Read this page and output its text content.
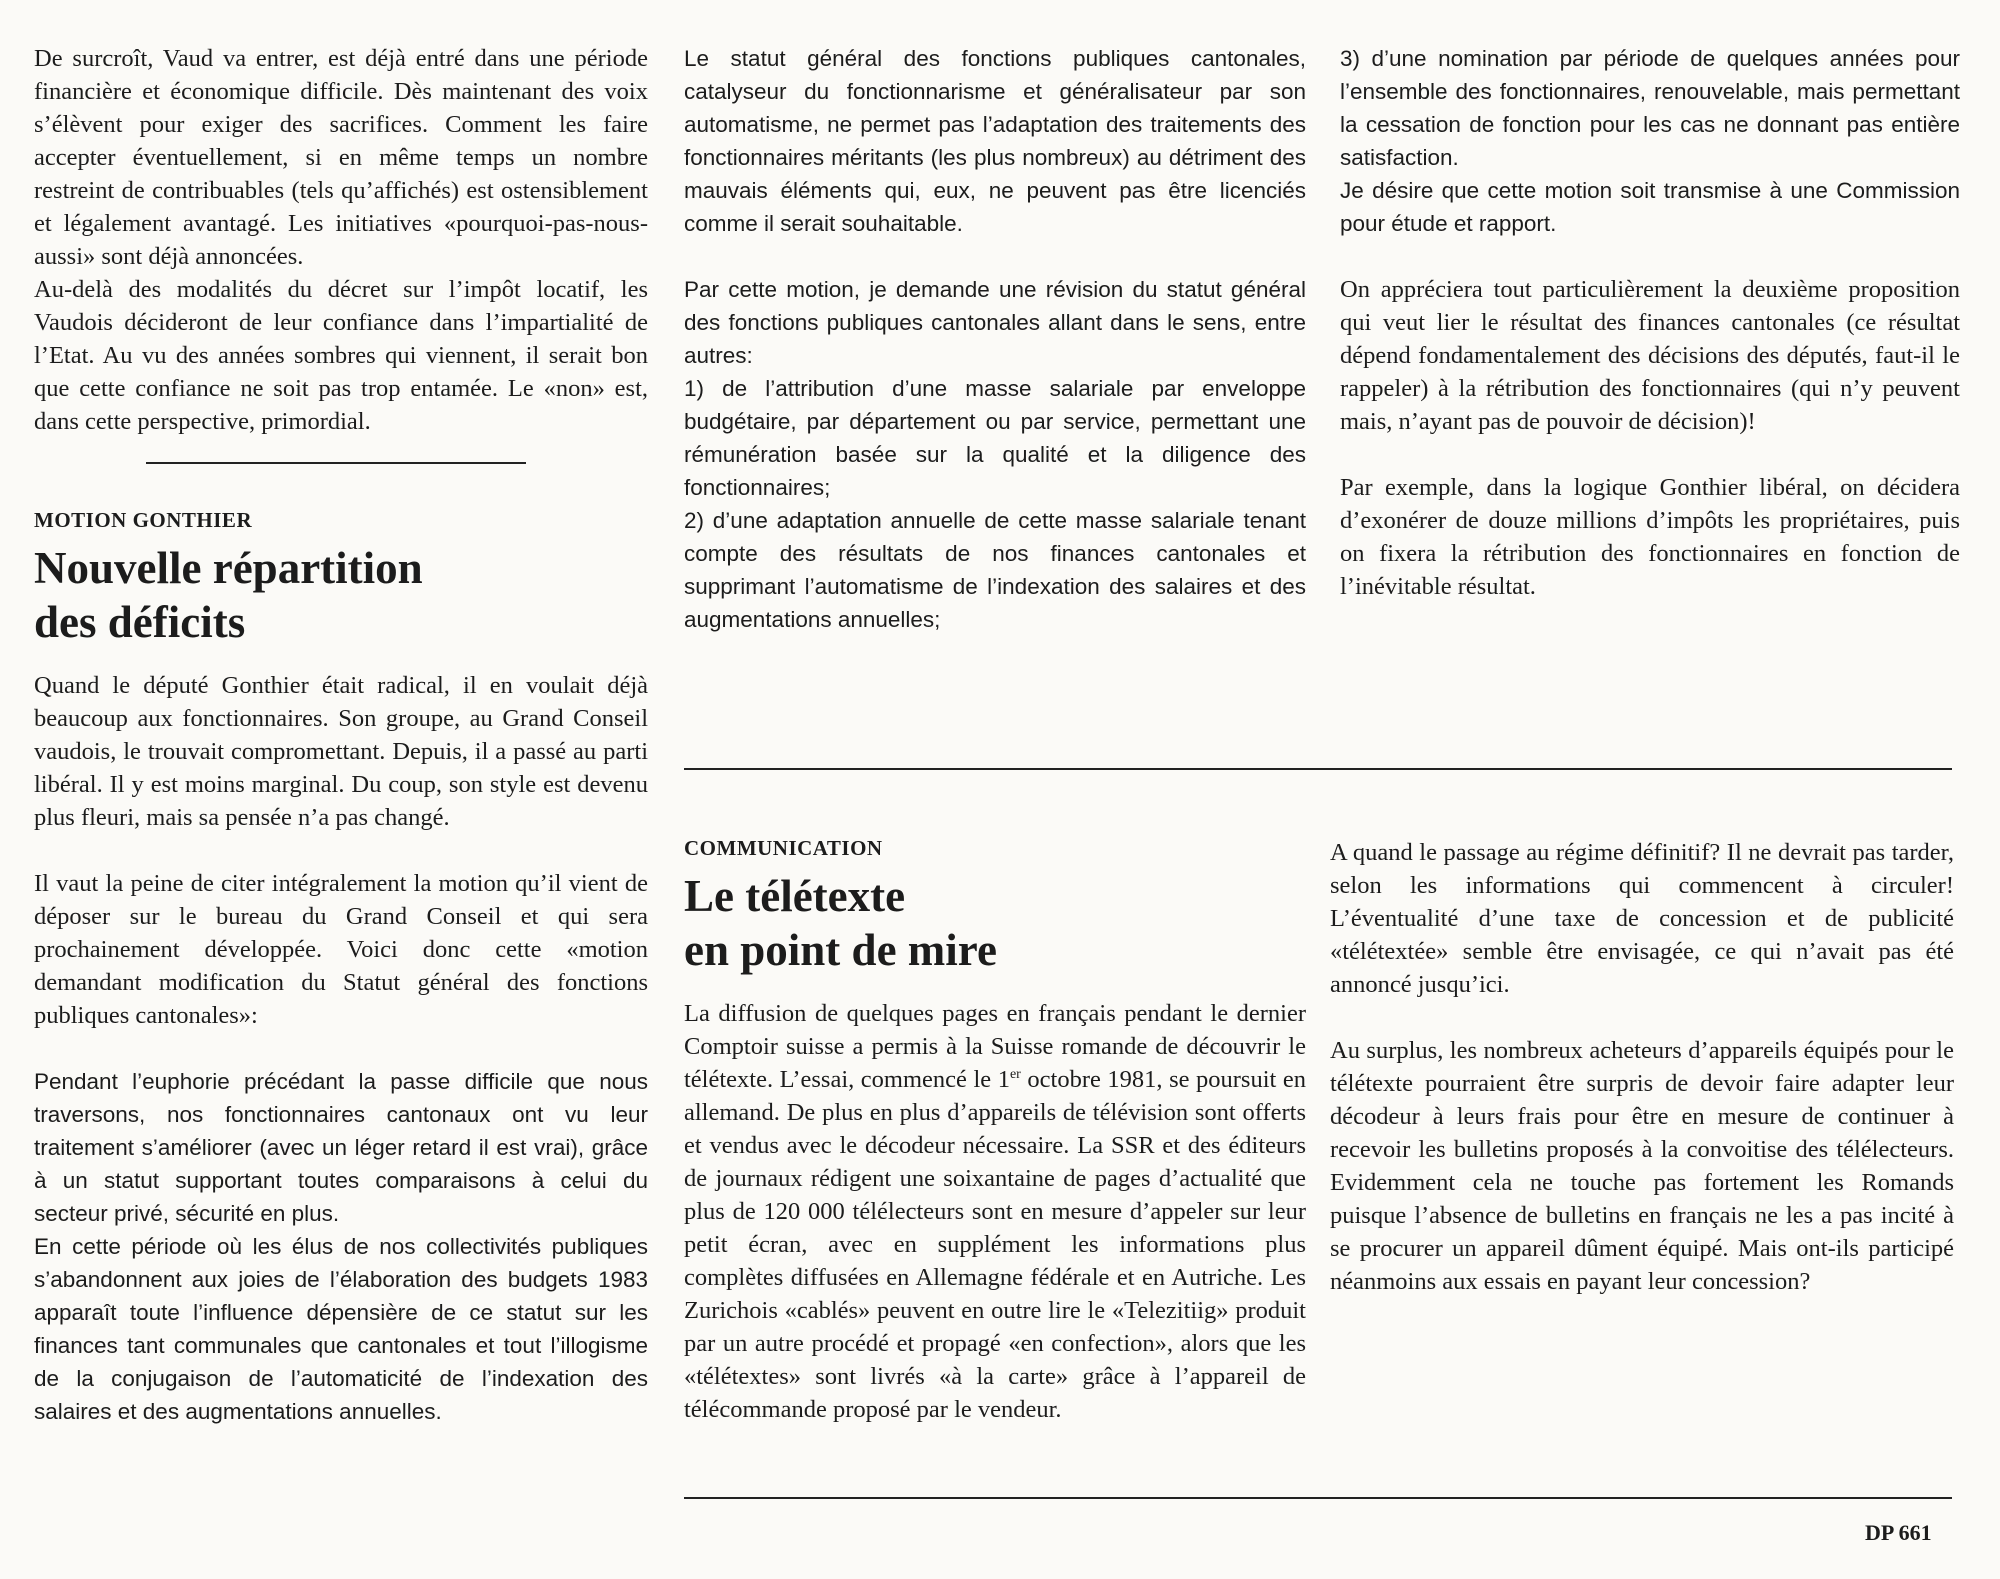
De surcroît, Vaud va entrer, est déjà entré dans une période financière et économique difficile. Dès maintenant des voix s’élèvent pour exiger des sacrifices. Comment les faire accepter éventuellement, si en même temps un nombre restreint de contribuables (tels qu’affichés) est ostensiblement et légalement avantagé. Les initiatives «pourquoi-pas-nous-aussi» sont déjà annoncées.

Au-delà des modalités du décret sur l’impôt locatif, les Vaudois décideront de leur confiance dans l’impartialité de l’Etat. Au vu des années sombres qui viennent, il serait bon que cette confiance ne soit pas trop entamée. Le «non» est, dans cette perspective, primordial.

MOTION GONTHIER

Nouvelle répartition
des déficits

Quand le député Gonthier était radical, il en voulait déjà beaucoup aux fonctionnaires. Son groupe, au Grand Conseil vaudois, le trouvait compromettant. Depuis, il a passé au parti libéral. Il y est moins marginal. Du coup, son style est devenu plus fleuri, mais sa pensée n’a pas changé.

Il vaut la peine de citer intégralement la motion qu’il vient de déposer sur le bureau du Grand Conseil et qui sera prochainement développée. Voici donc cette «motion demandant modification du Statut général des fonctions publiques cantonales»:

Pendant l’euphorie précédant la passe difficile que nous traversons, nos fonctionnaires cantonaux ont vu leur traitement s’améliorer (avec un léger retard il est vrai), grâce à un statut supportant toutes comparaisons à celui du secteur privé, sécurité en plus.

En cette période où les élus de nos collectivités publiques s’abandonnent aux joies de l’élaboration des budgets 1983 apparaît toute l’influence dépensière de ce statut sur les finances tant communales que cantonales et tout l’illogisme de la conjugaison de l’automaticité de l’indexation des salaires et des augmentations annuelles.

Le statut général des fonctions publiques cantonales, catalyseur du fonctionnarisme et généralisateur par son automatisme, ne permet pas l’adaptation des traitements des fonctionnaires méritants (les plus nombreux) au détriment des mauvais éléments qui, eux, ne peuvent pas être licenciés comme il serait souhaitable.

Par cette motion, je demande une révision du statut général des fonctions publiques cantonales allant dans le sens, entre autres:

1) de l’attribution d’une masse salariale par enveloppe budgétaire, par département ou par service, permettant une rémunération basée sur la qualité et la diligence des fonctionnaires;

2) d’une adaptation annuelle de cette masse salariale tenant compte des résultats de nos finances cantonales et supprimant l’automatisme de l’indexation des salaires et des augmentations annuelles;

3) d’une nomination par période de quelques années pour l’ensemble des fonctionnaires, renouvelable, mais permettant la cessation de fonction pour les cas ne donnant pas entière satisfaction.

Je désire que cette motion soit transmise à une Commission pour étude et rapport.

On appréciera tout particulièrement la deuxième proposition qui veut lier le résultat des finances cantonales (ce résultat dépend fondamentalement des décisions des députés, faut-il le rappeler) à la rétribution des fonctionnaires (qui n’y peuvent mais, n’ayant pas de pouvoir de décision)!

Par exemple, dans la logique Gonthier libéral, on décidera d’exonérer de douze millions d’impôts les propriétaires, puis on fixera la rétribution des fonctionnaires en fonction de l’inévitable résultat.

COMMUNICATION

Le télétexte
en point de mire

La diffusion de quelques pages en français pendant le dernier Comptoir suisse a permis à la Suisse romande de découvrir le télétexte. L’essai, commencé le 1er octobre 1981, se poursuit en allemand. De plus en plus d’appareils de télévision sont offerts et vendus avec le décodeur nécessaire. La SSR et des éditeurs de journaux rédigent une soixantaine de pages d’actualité que plus de 120 000 télélecteurs sont en mesure d’appeler sur leur petit écran, avec en supplément les informations plus complètes diffusées en Allemagne fédérale et en Autriche. Les Zurichois «cablés» peuvent en outre lire le «Telezitiig» produit par un autre procédé et propagé «en confection», alors que les «télétextes» sont livrés «à la carte» grâce à l’appareil de télécommande proposé par le vendeur.

A quand le passage au régime définitif? Il ne devrait pas tarder, selon les informations qui commencent à circuler! L’éventualité d’une taxe de concession et de publicité «télétextée» semble être envisagée, ce qui n’avait pas été annoncé jusqu’ici.

Au surplus, les nombreux acheteurs d’appareils équipés pour le télétexte pourraient être surpris de devoir faire adapter leur décodeur à leurs frais pour être en mesure de continuer à recevoir les bulletins proposés à la convoitise des télélecteurs. Evidemment cela ne touche pas fortement les Romands puisque l’absence de bulletins en français ne les a pas incité à se procurer un appareil dûment équipé. Mais ont-ils participé néanmoins aux essais en payant leur concession?

DP 661
